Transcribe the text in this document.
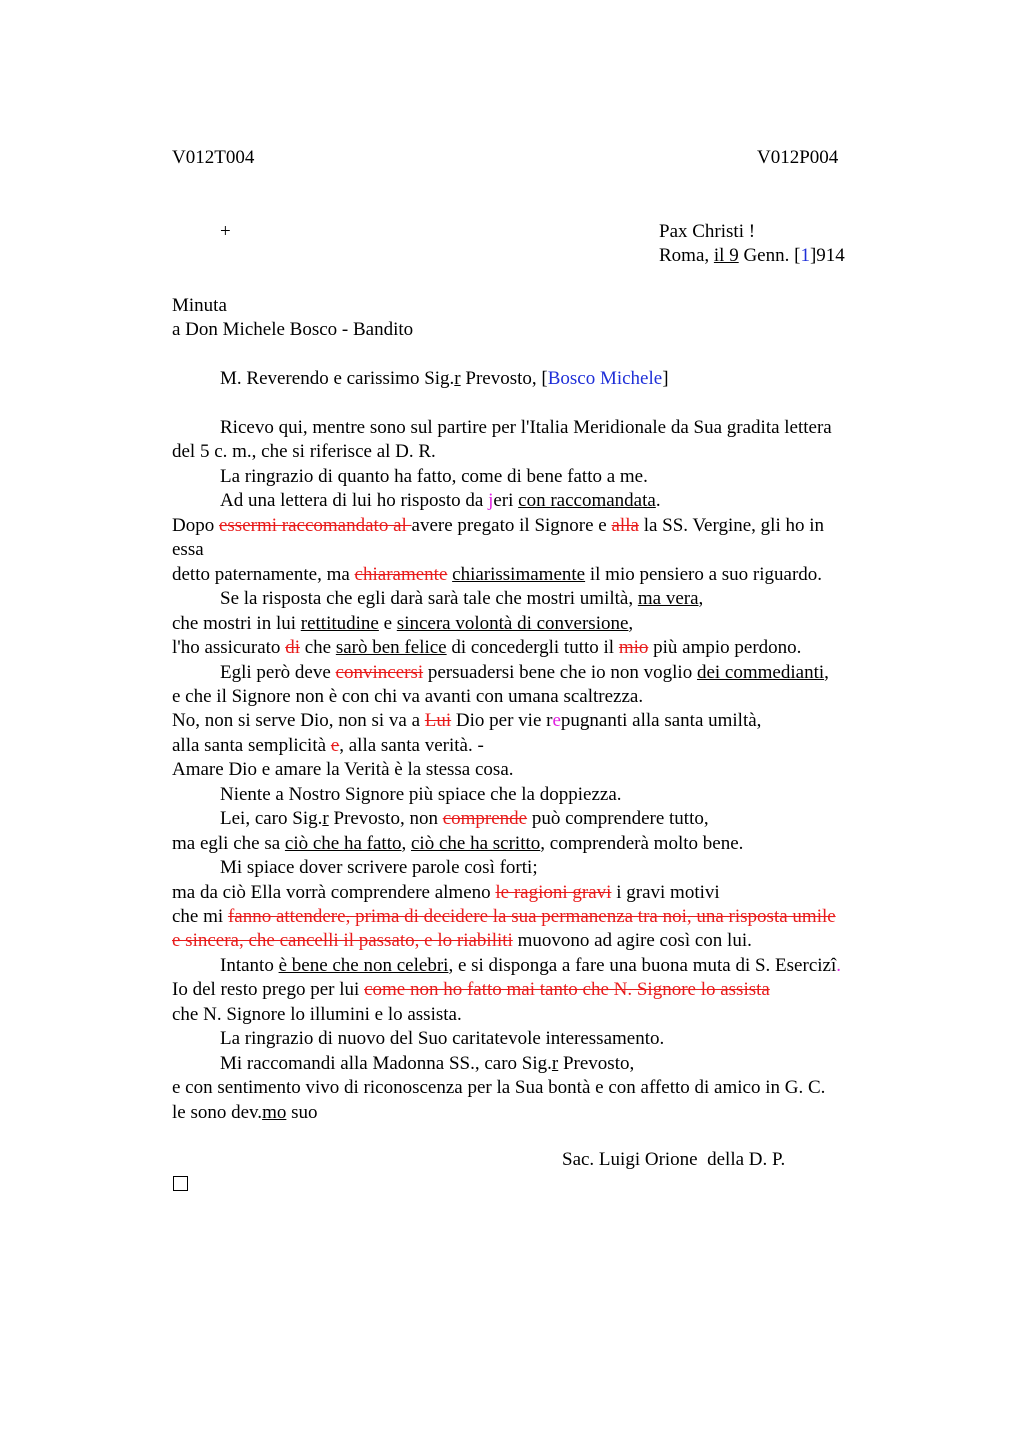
V012T004	V012P004
+	Pax Christi !
Roma, il 9 Genn. [1]914
Minuta
a Don Michele Bosco - Bandito
M. Reverendo e carissimo Sig.r Prevosto, [Bosco Michele]
Ricevo qui, mentre sono sul partire per l'Italia Meridionale da Sua gradita lettera
del 5 c. m., che si riferisce al D. R.
La ringrazio di quanto ha fatto, come di bene fatto a me.
Ad una lettera di lui ho risposto da jeri con raccomandata.
Dopo essermi raccomandato al avere pregato il Signore e alla la SS. Vergine, gli ho in
essa
detto paternamente, ma chiaramente chiarissimamente il mio pensiero a suo riguardo.
Se la risposta che egli darà sarà tale che mostri umiltà, ma vera,
che mostri in lui rettitudine e sincera volontà di conversione,
l'ho assicurato di che sarò ben felice di concedergli tutto il mio più ampio perdono.
Egli però deve convincersi persuadersi bene che io non voglio dei commedianti,
e che il Signore non è con chi va avanti con umana scaltrezza.
No, non si serve Dio, non si va a Lui Dio per vie repugnanti alla santa umiltà,
alla santa semplicità e, alla santa verità. -
Amare Dio e amare la Verità è la stessa cosa.
Niente a Nostro Signore più spiace che la doppiezza.
Lei, caro Sig.r Prevosto, non comprende può comprendere tutto,
ma egli che sa ciò che ha fatto, ciò che ha scritto, comprenderà molto bene.
Mi spiace dover scrivere parole così forti;
ma da ciò Ella vorrà comprendere almeno le ragioni gravi i gravi motivi
che mi fanno attendere, prima di decidere la sua permanenza tra noi, una risposta umile
e sincera, che cancelli il passato, e lo riabiliti muovono ad agire così con lui.
Intanto è bene che non celebri, e si disponga a fare una buona muta di S. Esercizî.
Io del resto prego per lui come non ho fatto mai tanto che N. Signore lo assista
che N. Signore lo illumini e lo assista.
La ringrazio di nuovo del Suo caritatevole interessamento.
Mi raccomandi alla Madonna SS., caro Sig.r Prevosto,
e con sentimento vivo di riconoscenza per la Sua bontà e con affetto di amico in G. C.
le sono dev.mo suo
Sac. Luigi Orione  della D. P.
